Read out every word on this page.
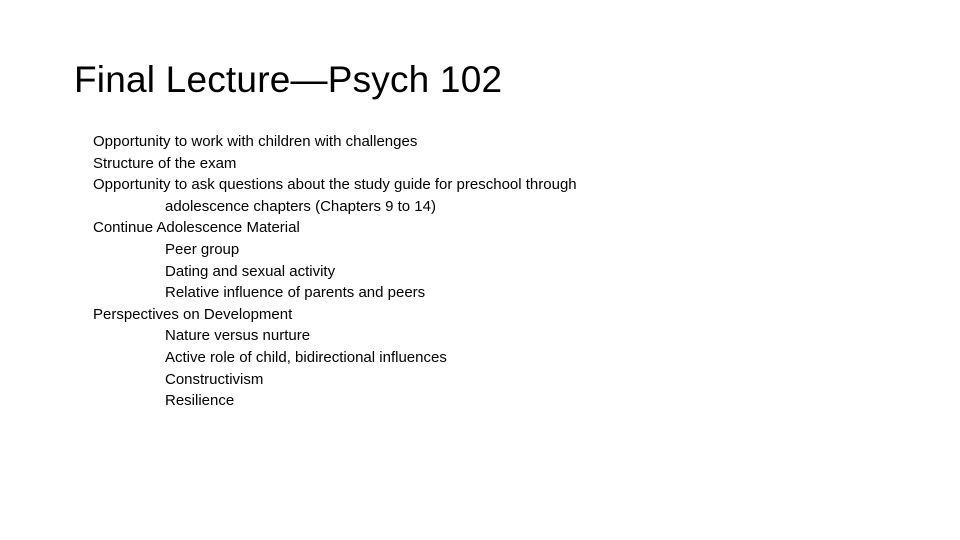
Final Lecture—Psych 102
Opportunity to work with children with challenges
Structure of the exam
Opportunity to ask questions about the study guide for preschool through
adolescence chapters (Chapters 9 to 14)
Continue Adolescence Material
Peer group
Dating and sexual activity
Relative influence of parents and peers
Perspectives on Development
Nature versus nurture
Active role of child, bidirectional influences
Constructivism
Resilience
